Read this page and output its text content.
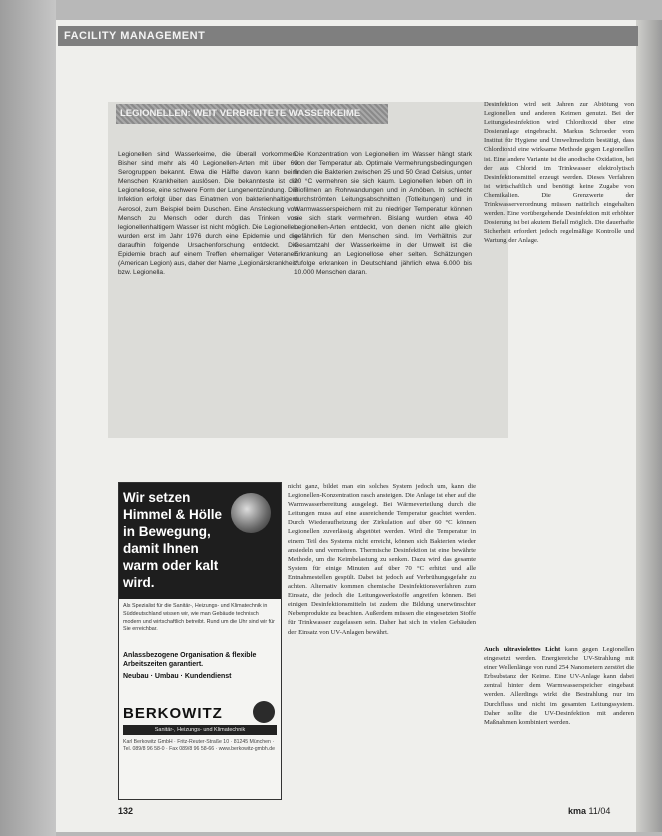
FACILITY MANAGEMENT
LEGIONELLEN: WEIT VERBREITETE WASSERKEIME
Legionellen sind Wasserkeime, die überall vorkommen. Bisher sind mehr als 40 Legionellen-Arten mit über 60 Serogruppen bekannt. Etwa die Hälfte davon kann beim Menschen Krankheiten auslösen. Die bekannteste ist die Legionellose, eine schwere Form der Lungenentzündung. Die Infektion erfolgt über das Einatmen von bakterienhaltigem Aerosol, zum Beispiel beim Duschen. Eine Ansteckung von Mensch zu Mensch oder durch das Trinken von legionellenhaltigem Wasser ist nicht möglich. Die Legionellen wurden erst im Jahr 1976 durch eine Epidemie und die daraufhin folgende Ursachenforschung entdeckt. Die Epidemie brach auf einem Treffen ehemaliger Veteranen (American Legion) aus, daher der Name „Legionärskrankheit“ bzw. Legionella.
Die Konzentration von Legionellen im Wasser hängt stark von der Temperatur ab. Optimale Vermehrungsbedingungen finden die Bakterien zwischen 25 und 50 Grad Celsius, unter 20 °C vermehren sie sich kaum. Legionellen leben oft in Biofilmen an Rohrwandungen und in Amöben. In schlecht durchströmten Leitungsabschnitten (Totleitungen) und in Warmwasserspeichern mit zu niedriger Temperatur können sie sich stark vermehren. Bislang wurden etwa 40 Legionellen-Arten entdeckt, von denen nicht alle gleich gefährlich für den Menschen sind. Im Verhältnis zur Gesamtzahl der Wasserkeime in der Umwelt ist die Erkrankung an Legionellose eher selten. Schätzungen zufolge erkranken in Deutschland jährlich etwa 6.000 bis 10.000 Menschen daran.
nicht ganz, bildet man ein solches System jedoch um, kann die Legionellen-Konzentration rasch ansteigen. Die Anlage ist eher auf die Warmwasserbereitung ausgelegt. Bei Wärmeverteilung durch die Leitungen muss auf eine ausreichende Temperatur geachtet werden. Durch Wiederaufheizung der Zirkulation auf über 60 °C können Legionellen zuverlässig abgetötet werden. Wird die Temperatur in einem Teil des Systems nicht erreicht, können sich Bakterien wieder ansiedeln und vermehren. Thermische Desinfektion ist eine bewährte Methode, um die Keimbelastung zu senken. Dazu wird das gesamte System für einige Minuten auf über 70 °C erhitzt und alle Entnahmestellen gespült. Dabei ist jedoch auf Verbrühungsgefahr zu achten. Alternativ kommen chemische Desinfektionsverfahren zum Einsatz, die jedoch die Leitungswerkstoffe angreifen können. Bei einigen Desinfektionsmitteln ist zudem die Bildung unerwünschter Nebenprodukte zu beachten. Außerdem müssen die eingesetzten Stoffe für Trinkwasser zugelassen sein. Daher hat sich in vielen Gebäuden der Einsatz von UV-Anlagen bewährt.
Desinfektion wird seit Jahren zur Abtötung von Legionellen und anderen Keimen genutzt. Bei der Leitungsdesinfektion wird Chlordioxid über eine Dosieranlage eingebracht. Markus Schroeder vom Institut für Hygiene und Umweltmedizin bestätigt, dass Chlordioxid eine wirksame Methode gegen Legionellen ist. Eine andere Variante ist die anodische Oxidation, bei der aus Chlorid im Trinkwasser elektrolytisch Desinfektionsmittel erzeugt werden. Dieses Verfahren ist wirtschaftlich und benötigt keine Zugabe von Chemikalien. Die Grenzwerte der Trinkwasserverordnung müssen natürlich eingehalten werden. Eine vorübergehende Desinfektion mit erhöhter Dosierung ist bei akutem Befall möglich. Die dauerhafte Sicherheit erfordert jedoch regelmäßige Kontrolle und Wartung der Anlage.
Auch ultraviolettes Licht kann gegen Legionellen eingesetzt werden. Energiereiche UV-Strahlung mit einer Wellenlänge von rund 254 Nanometern zerstört die Erbsubstanz der Keime. Eine UV-Anlage kann dabei zentral hinter dem Warmwasserspeicher eingebaut werden. Allerdings wirkt die Bestrahlung nur im Durchfluss und nicht im gesamten Leitungssystem. Daher sollte die UV-Desinfektion mit anderen Maßnahmen kombiniert werden.
Wir setzen Himmel & Hölle in Bewegung, damit Ihnen warm oder kalt wird.
Als Spezialist für die Sanitär-, Heizungs- und Klimatechnik in Süddeutschland wissen wir, wie man Gebäude technisch modern und wirtschaftlich betreibt. Rund um die Uhr sind wir für Sie erreichbar.
Anlassbezogene Organisation & flexible Arbeitszeiten garantiert.
Neubau · Umbau · Kundendienst
BERKOWITZ
Sanitär-, Heizungs- und Klimatechnik
Karl Berkowitz GmbH · Fritz-Reuter-Straße 10 · 81245 München · Tel. 089/8 96 58-0 · Fax 089/8 96 58-66 · www.berkowitz-gmbh.de
132	kma 11/04
